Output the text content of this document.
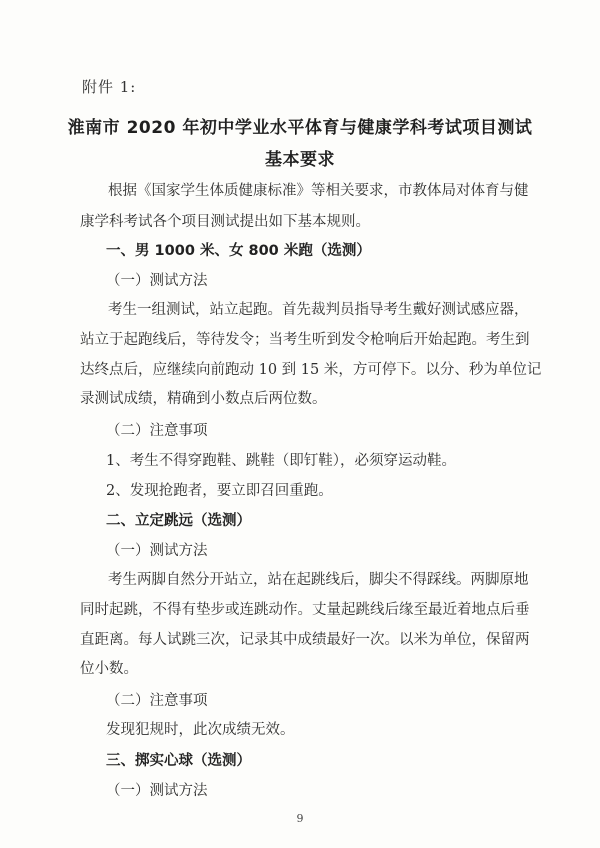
附件 1:
淮南市 2020 年初中学业水平体育与健康学科考试项目测试
基本要求
根据《国家学生体质健康标准》等相关要求，市教体局对体育与健
康学科考试各个项目测试提出如下基本规则。
一、男 1000 米、女 800 米跑（选测）
（一）测试方法
考生一组测试，站立起跑。首先裁判员指导考生戴好测试感应器，
站立于起跑线后，等待发令；当考生听到发令枪响后开始起跑。考生到
达终点后，应继续向前跑动 10 到 15 米，方可停下。以分、秒为单位记
录测试成绩，精确到小数点后两位数。
（二）注意事项
1、考生不得穿跑鞋、跳鞋（即钉鞋），必须穿运动鞋。
2、发现抢跑者，要立即召回重跑。
二、立定跳远（选测）
（一）测试方法
考生两脚自然分开站立，站在起跳线后，脚尖不得踩线。两脚原地
同时起跳，不得有垫步或连跳动作。丈量起跳线后缘至最近着地点后垂
直距离。每人试跳三次，记录其中成绩最好一次。以米为单位，保留两
位小数。
（二）注意事项
发现犯规时，此次成绩无效。
三、掷实心球（选测）
（一）测试方法
9
